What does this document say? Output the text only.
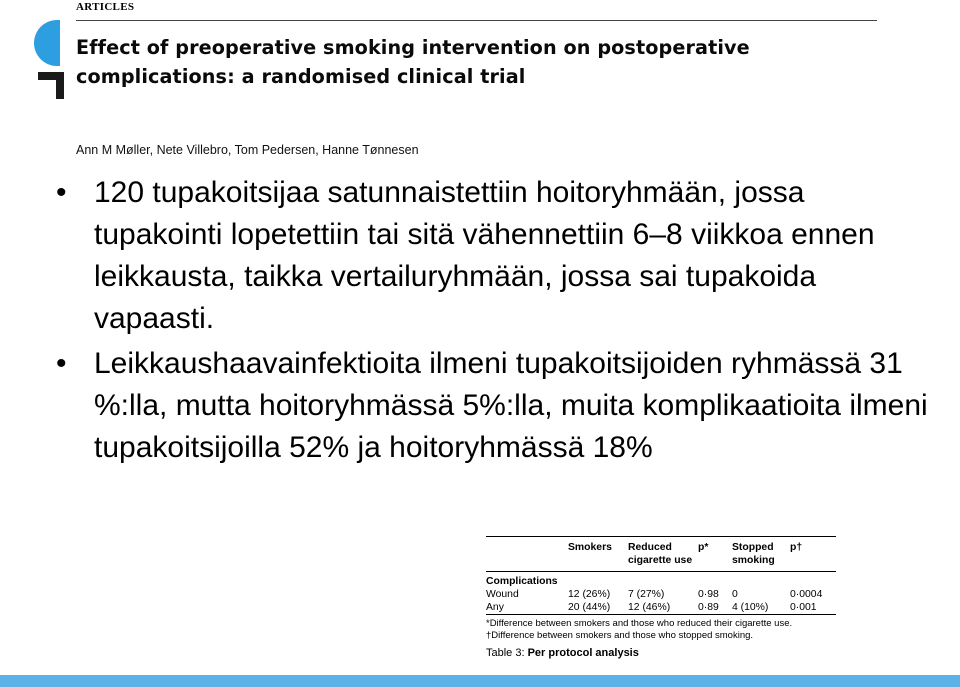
ARTICLES
Effect of preoperative smoking intervention on postoperative
complications: a randomised clinical trial
Ann M Møller, Nete Villebro, Tom Pedersen, Hanne Tønnesen

• 120 tupakoitsijaa satunnaistettiin hoitoryhmään, jossa tupakointi lopetettiin tai sitä vähennettiin 6–8 viikkoa ennen leikkausta, taikka vertailuryhmään, jossa sai tupakoida vapaasti.

• Leikkaushaavainfektioita ilmeni tupakoitsijoiden ryhmässä 31 %:lla, mutta hoitoryhmässä 5%:lla, muita komplikaatioita ilmeni tupakoitsijoilla 52% ja hoitoryhmässä 18%

	Smokers	Reduced cigarette use	p*	Stopped smoking	p†
Complications					
Wound	12 (26%)	7 (27%)	0·98	0	0·0004
Any	20 (44%)	12 (46%)	0·89	4 (10%)	0·001
*Difference between smokers and those who reduced their cigarette use.
†Difference between smokers and those who stopped smoking.
Table 3: Per protocol analysis
